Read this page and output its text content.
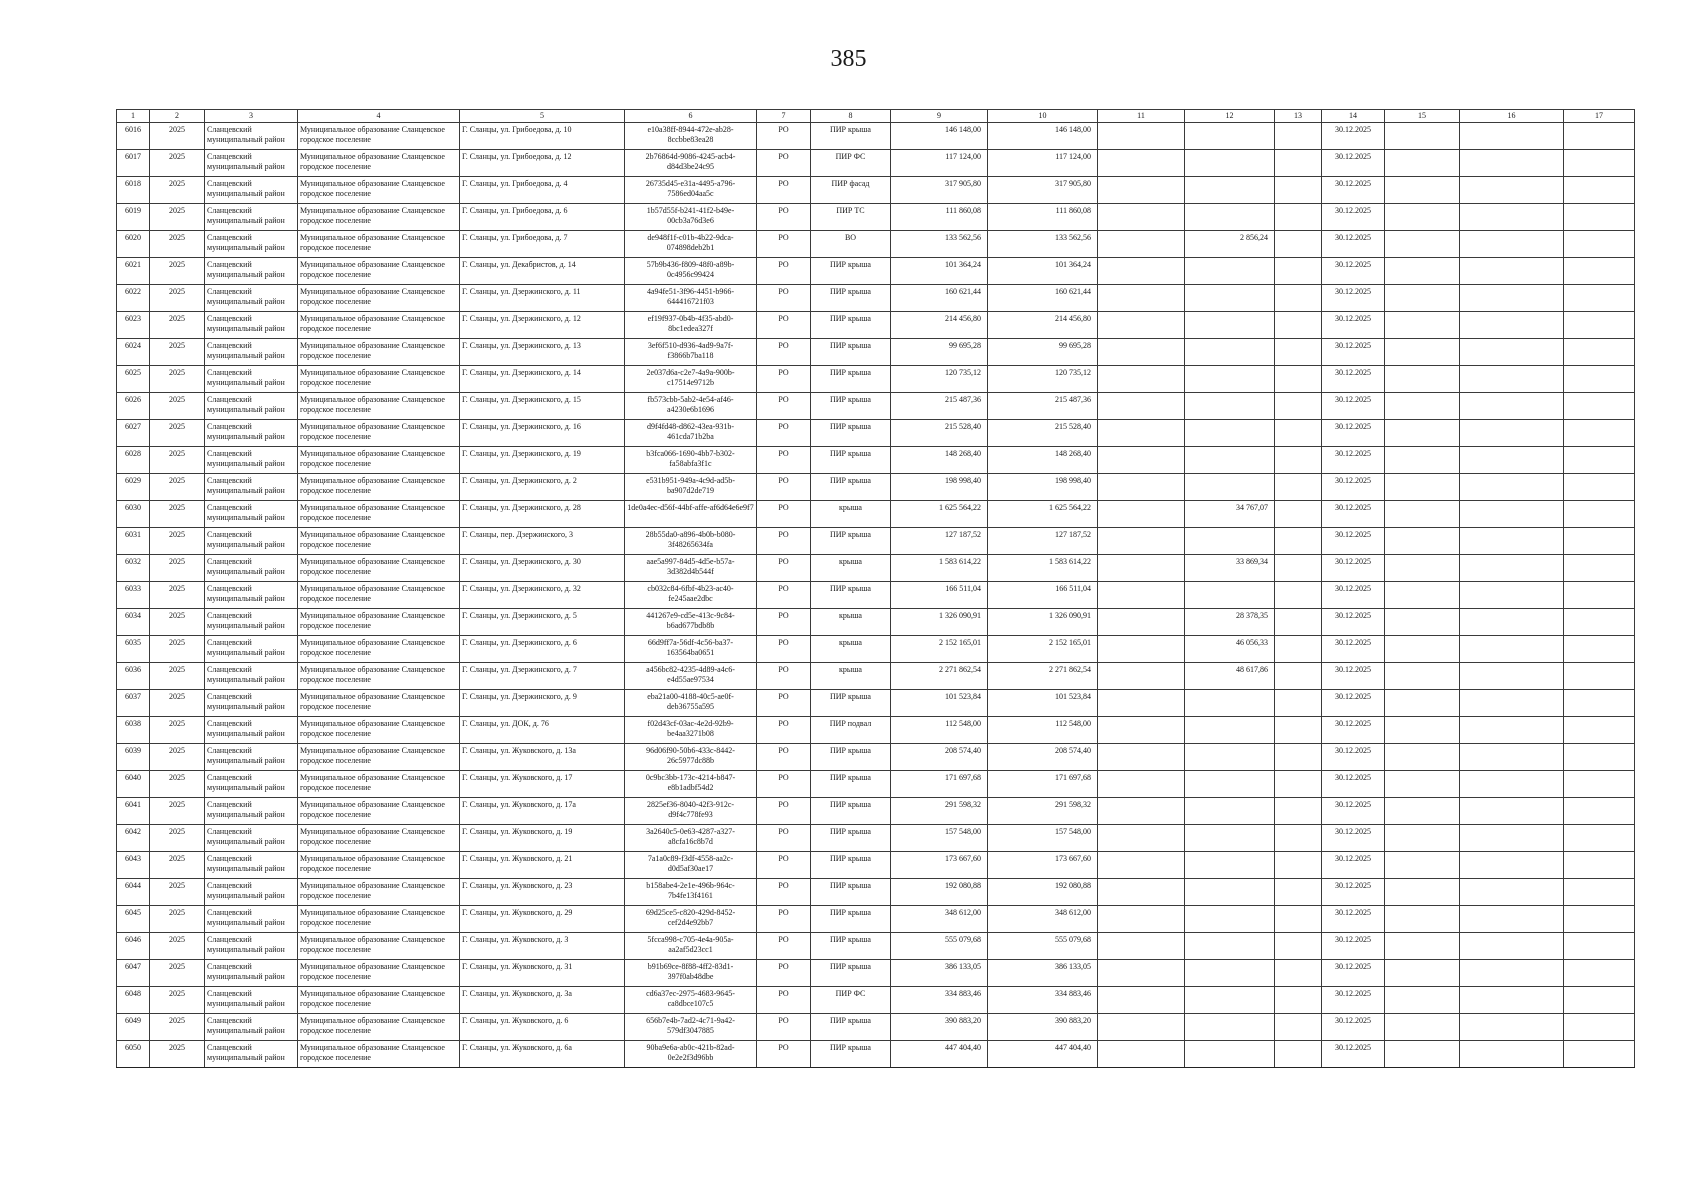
385
1	2	3	4	5	6	7	8	9	10	11	12	13	14	15	16	17
6016	2025	Сланцевский муниципальный район	Муниципальное образование Сланцевское городское поселение	Г. Сланцы, ул. Грибоедова, д. 10	e10a38ff-8944-472e-ab28-8ccbbe83ea28	РО	ПИР крыша	146 148,00	146 148,00				30.12.2025			
6017	2025	Сланцевский муниципальный район	Муниципальное образование Сланцевское городское поселение	Г. Сланцы, ул. Грибоедова, д. 12	2b76864d-9086-4245-acb4-d84d3be24c95	РО	ПИР ФС	117 124,00	117 124,00				30.12.2025			
6018	2025	Сланцевский муниципальный район	Муниципальное образование Сланцевское городское поселение	Г. Сланцы, ул. Грибоедова, д. 4	26735d45-e31a-4495-a796-7586ed04aa5c	РО	ПИР фасад	317 905,80	317 905,80				30.12.2025			
6019	2025	Сланцевский муниципальный район	Муниципальное образование Сланцевское городское поселение	Г. Сланцы, ул. Грибоедова, д. 6	1b57d55f-b241-41f2-b49e-00cb3a76d3e6	РО	ПИР ТС	111 860,08	111 860,08				30.12.2025			
6020	2025	Сланцевский муниципальный район	Муниципальное образование Сланцевское городское поселение	Г. Сланцы, ул. Грибоедова, д. 7	de948f1f-c01b-4b22-9dca-074898deb2b1	РО	ВО	133 562,56	133 562,56		2 856,24		30.12.2025			
6021	2025	Сланцевский муниципальный район	Муниципальное образование Сланцевское городское поселение	Г. Сланцы, ул. Декабристов, д. 14	57b9b436-f809-48f0-a89b-0c4956c99424	РО	ПИР крыша	101 364,24	101 364,24				30.12.2025			
6022	2025	Сланцевский муниципальный район	Муниципальное образование Сланцевское городское поселение	Г. Сланцы, ул. Дзержинского, д. 11	4a94fe51-3f96-4451-b966-644416721f03	РО	ПИР крыша	160 621,44	160 621,44				30.12.2025			
6023	2025	Сланцевский муниципальный район	Муниципальное образование Сланцевское городское поселение	Г. Сланцы, ул. Дзержинского, д. 12	ef19f937-0b4b-4f35-abd0-8bc1edea327f	РО	ПИР крыша	214 456,80	214 456,80				30.12.2025			
6024	2025	Сланцевский муниципальный район	Муниципальное образование Сланцевское городское поселение	Г. Сланцы, ул. Дзержинского, д. 13	3ef6f510-d936-4ad9-9a7f-f3866b7ba118	РО	ПИР крыша	99 695,28	99 695,28				30.12.2025			
6025	2025	Сланцевский муниципальный район	Муниципальное образование Сланцевское городское поселение	Г. Сланцы, ул. Дзержинского, д. 14	2e037d6a-c2e7-4a9a-900b-c17514e9712b	РО	ПИР крыша	120 735,12	120 735,12				30.12.2025			
6026	2025	Сланцевский муниципальный район	Муниципальное образование Сланцевское городское поселение	Г. Сланцы, ул. Дзержинского, д. 15	fb573cbb-5ab2-4e54-af46-a4230e6b1696	РО	ПИР крыша	215 487,36	215 487,36				30.12.2025			
6027	2025	Сланцевский муниципальный район	Муниципальное образование Сланцевское городское поселение	Г. Сланцы, ул. Дзержинского, д. 16	d9f4fd48-d862-43ea-931b-461cda71b2ba	РО	ПИР крыша	215 528,40	215 528,40				30.12.2025			
6028	2025	Сланцевский муниципальный район	Муниципальное образование Сланцевское городское поселение	Г. Сланцы, ул. Дзержинского, д. 19	b3fca066-1690-4bb7-b302-fa58abfa3f1c	РО	ПИР крыша	148 268,40	148 268,40				30.12.2025			
6029	2025	Сланцевский муниципальный район	Муниципальное образование Сланцевское городское поселение	Г. Сланцы, ул. Дзержинского, д. 2	e531b951-949a-4c9d-ad5b-ba907d2de719	РО	ПИР крыша	198 998,40	198 998,40				30.12.2025			
6030	2025	Сланцевский муниципальный район	Муниципальное образование Сланцевское городское поселение	Г. Сланцы, ул. Дзержинского, д. 28	1de0a4ec-d56f-44bf-affe-af6d64e6e9f7	РО	крыша	1 625 564,22	1 625 564,22		34 767,07		30.12.2025			
6031	2025	Сланцевский муниципальный район	Муниципальное образование Сланцевское городское поселение	Г. Сланцы, пер. Дзержинского, 3	28b55da0-a896-4b0b-b080-3f48265634fa	РО	ПИР крыша	127 187,52	127 187,52				30.12.2025			
6032	2025	Сланцевский муниципальный район	Муниципальное образование Сланцевское городское поселение	Г. Сланцы, ул. Дзержинского, д. 30	aae5a997-84d5-4d5e-b57a-3d382d4b544f	РО	крыша	1 583 614,22	1 583 614,22		33 869,34		30.12.2025			
6033	2025	Сланцевский муниципальный район	Муниципальное образование Сланцевское городское поселение	Г. Сланцы, ул. Дзержинского, д. 32	cb032c84-6fbf-4b23-ac40-fe245aae2dbc	РО	ПИР крыша	166 511,04	166 511,04				30.12.2025			
6034	2025	Сланцевский муниципальный район	Муниципальное образование Сланцевское городское поселение	Г. Сланцы, ул. Дзержинского, д. 5	441267e9-cd5e-413c-9c84-b6ad677bdb8b	РО	крыша	1 326 090,91	1 326 090,91		28 378,35		30.12.2025			
6035	2025	Сланцевский муниципальный район	Муниципальное образование Сланцевское городское поселение	Г. Сланцы, ул. Дзержинского, д. 6	66d9ff7a-56df-4c56-ba37-163564ba0651	РО	крыша	2 152 165,01	2 152 165,01		46 056,33		30.12.2025			
6036	2025	Сланцевский муниципальный район	Муниципальное образование Сланцевское городское поселение	Г. Сланцы, ул. Дзержинского, д. 7	a456bc82-4235-4d89-a4c6-e4d55ae97534	РО	крыша	2 271 862,54	2 271 862,54		48 617,86		30.12.2025			
6037	2025	Сланцевский муниципальный район	Муниципальное образование Сланцевское городское поселение	Г. Сланцы, ул. Дзержинского, д. 9	eba21a00-4188-40c5-ae0f-deb36755a595	РО	ПИР крыша	101 523,84	101 523,84				30.12.2025			
6038	2025	Сланцевский муниципальный район	Муниципальное образование Сланцевское городское поселение	Г. Сланцы, ул. ДОК, д. 76	f02d43cf-03ac-4e2d-92b9-be4aa3271b08	РО	ПИР подвал	112 548,00	112 548,00				30.12.2025			
6039	2025	Сланцевский муниципальный район	Муниципальное образование Сланцевское городское поселение	Г. Сланцы, ул. Жуковского, д. 13а	96d06f90-50b6-433c-8442-26c5977dc88b	РО	ПИР крыша	208 574,40	208 574,40				30.12.2025			
6040	2025	Сланцевский муниципальный район	Муниципальное образование Сланцевское городское поселение	Г. Сланцы, ул. Жуковского, д. 17	0c9bc3bb-173c-4214-b847-e8b1adbf54d2	РО	ПИР крыша	171 697,68	171 697,68				30.12.2025			
6041	2025	Сланцевский муниципальный район	Муниципальное образование Сланцевское городское поселение	Г. Сланцы, ул. Жуковского, д. 17а	2825ef36-8040-42f3-912c-d9f4c778fe93	РО	ПИР крыша	291 598,32	291 598,32				30.12.2025			
6042	2025	Сланцевский муниципальный район	Муниципальное образование Сланцевское городское поселение	Г. Сланцы, ул. Жуковского, д. 19	3a2640c5-0e63-4287-a327-a8cfa16c8b7d	РО	ПИР крыша	157 548,00	157 548,00				30.12.2025			
6043	2025	Сланцевский муниципальный район	Муниципальное образование Сланцевское городское поселение	Г. Сланцы, ул. Жуковского, д. 21	7a1a0c89-f3df-4558-aa2c-d0d5af30ae17	РО	ПИР крыша	173 667,60	173 667,60				30.12.2025			
6044	2025	Сланцевский муниципальный район	Муниципальное образование Сланцевское городское поселение	Г. Сланцы, ул. Жуковского, д. 23	b158abe4-2e1e-496b-964c-7b4fe13f4161	РО	ПИР крыша	192 080,88	192 080,88				30.12.2025			
6045	2025	Сланцевский муниципальный район	Муниципальное образование Сланцевское городское поселение	Г. Сланцы, ул. Жуковского, д. 29	69d25ce5-c820-429d-8452-cef2d4e92bb7	РО	ПИР крыша	348 612,00	348 612,00				30.12.2025			
6046	2025	Сланцевский муниципальный район	Муниципальное образование Сланцевское городское поселение	Г. Сланцы, ул. Жуковского, д. 3	5fcca998-c705-4e4a-905a-aa2af5d23cc1	РО	ПИР крыша	555 079,68	555 079,68				30.12.2025			
6047	2025	Сланцевский муниципальный район	Муниципальное образование Сланцевское городское поселение	Г. Сланцы, ул. Жуковского, д. 31	b91b69ce-8f88-4ff2-83d1-397f0ab48dbe	РО	ПИР крыша	386 133,05	386 133,05				30.12.2025			
6048	2025	Сланцевский муниципальный район	Муниципальное образование Сланцевское городское поселение	Г. Сланцы, ул. Жуковского, д. 3а	cd6a37ec-2975-4683-9645-ca8dbce107c5	РО	ПИР ФС	334 883,46	334 883,46				30.12.2025			
6049	2025	Сланцевский муниципальный район	Муниципальное образование Сланцевское городское поселение	Г. Сланцы, ул. Жуковского, д. 6	656b7e4b-7ad2-4c71-9a42-579df3047885	РО	ПИР крыша	390 883,20	390 883,20				30.12.2025			
6050	2025	Сланцевский муниципальный район	Муниципальное образование Сланцевское городское поселение	Г. Сланцы, ул. Жуковского, д. 6а	90ba9e6a-ab0c-421b-82ad-0e2e2f3d96bb	РО	ПИР крыша	447 404,40	447 404,40				30.12.2025			
